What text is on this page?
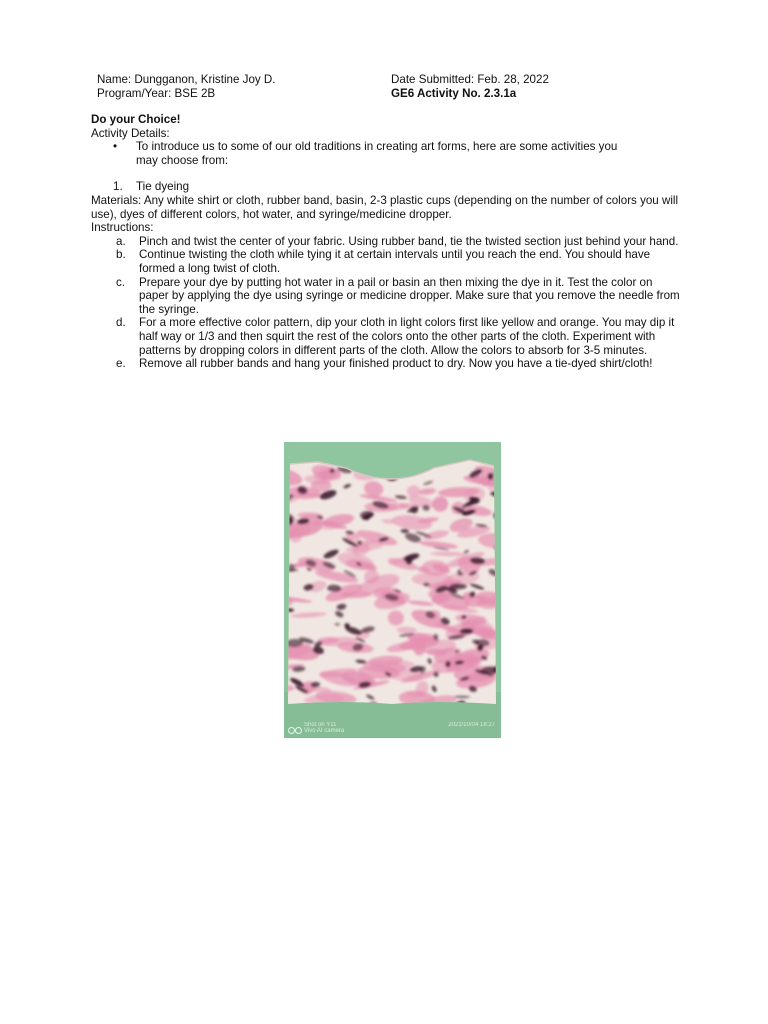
Name: Dungganon, Kristine Joy D.
Program/Year: BSE 2B
Date Submitted: Feb. 28, 2022
GE6 Activity No. 2.3.1a
Do your Choice!
Activity Details:
• To introduce us to some of our old traditions in creating art forms, here are some activities you
may choose from:
1. Tie dyeing
Materials: Any white shirt or cloth, rubber band, basin, 2-3 plastic cups (depending on the number of colors you will use), dyes of different colors, hot water, and syringe/medicine dropper.
Instructions:
a. Pinch and twist the center of your fabric. Using rubber band, tie the twisted section just behind your hand.
b. Continue twisting the cloth while tying it at certain intervals until you reach the end. You should have formed a long twist of cloth.
c. Prepare your dye by putting hot water in a pail or basin an then mixing the dye in it. Test the color on paper by applying the dye using syringe or medicine dropper. Make sure that you remove the needle from the syringe.
d. For a more effective color pattern, dip your cloth in light colors first like yellow and orange. You may dip it half way or 1/3 and then squirt the rest of the colors onto the other parts of the cloth. Experiment with patterns by dropping colors in different parts of the cloth. Allow the colors to absorb for 3-5 minutes.
e. Remove all rubber bands and hang your finished product to dry. Now you have a tie-dyed shirt/cloth!
Shot on Y11
Vivo AI camera
2021/10/04 18:27
